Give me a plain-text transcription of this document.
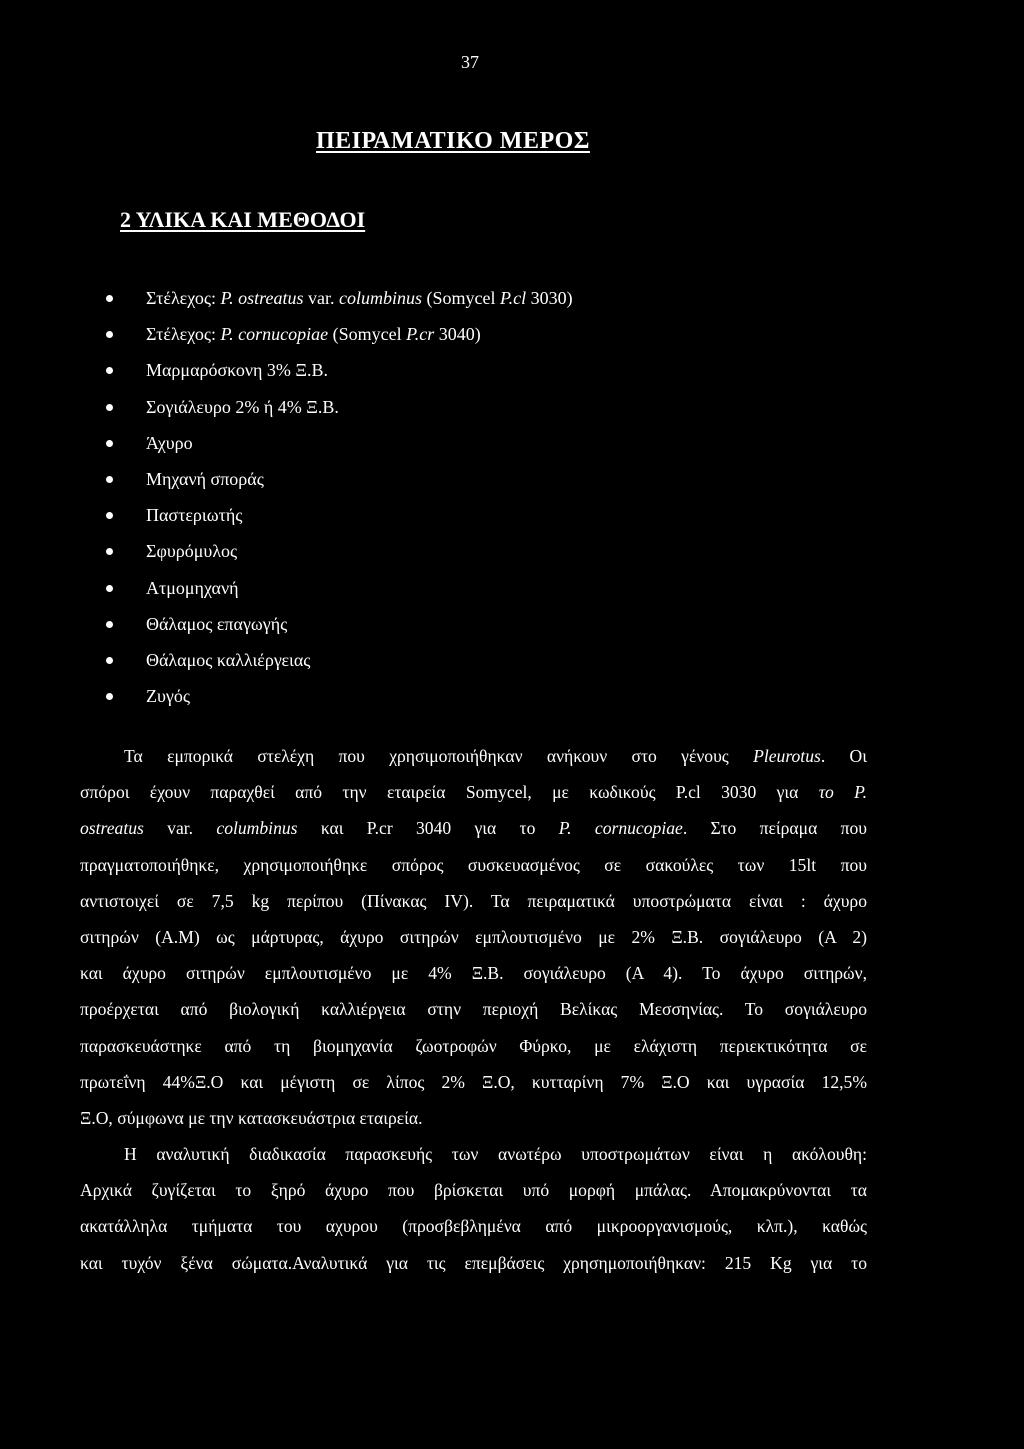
37
ΠΕΙΡΑΜΑΤΙΚΟ ΜΕΡΟΣ
2 ΥΛΙΚΑ ΚΑΙ ΜΕΘΟΔΟΙ
Στέλεχος: P. ostreatus var. columbinus (Somycel P.cl 3030)
Στέλεχος: P. cornucopiae (Somycel P.cr 3040)
Μαρμαρόσκονη 3% Ξ.Β.
Σογιάλευρο 2% ή 4% Ξ.Β.
Άχυρο
Μηχανή σποράς
Παστεριωτής
Σφυρόμυλος
Ατμομηχανή
Θάλαμος επαγωγής
Θάλαμος καλλιέργειας
Ζυγός

Τα εμπορικά στελέχη που χρησιμοποιήθηκαν ανήκουν στο γένους Pleurotus. Οι
σπόροι έχουν παραχθεί από την εταιρεία Somycel, με κωδικούς P.cl 3030 για το P.
ostreatus var. columbinus και P.cr 3040 για το P. cornucopiae. Στο πείραμα που
πραγματοποιήθηκε, χρησιμοποιήθηκε σπόρος συσκευασμένος σε σακούλες των 15lt που
αντιστοιχεί σε 7,5 kg περίπου (Πίνακας IV). Τα πειραματικά υποστρώματα είναι : άχυρο
σιτηρών (Α.Μ) ως μάρτυρας, άχυρο σιτηρών εμπλουτισμένο με 2% Ξ.Β. σογιάλευρο (Α 2)
και άχυρο σιτηρών εμπλουτισμένο με 4% Ξ.Β. σογιάλευρο (Α 4). Το άχυρο σιτηρών,
προέρχεται από βιολογική καλλιέργεια στην περιοχή Βελίκας Μεσσηνίας. Το σογιάλευρο
παρασκευάστηκε από τη βιομηχανία ζωοτροφών Φύρκο, με ελάχιστη περιεκτικότητα σε
πρωτεΐνη 44%Ξ.Ο και μέγιστη σε λίπος 2% Ξ.Ο, κυτταρίνη 7% Ξ.Ο και υγρασία 12,5%
Ξ.Ο, σύμφωνα με την κατασκευάστρια εταιρεία.

Η αναλυτική διαδικασία παρασκευής των ανωτέρω υποστρωμάτων είναι η ακόλουθη:
Αρχικά ζυγίζεται το ξηρό άχυρο που βρίσκεται υπό μορφή μπάλας. Απομακρύνονται τα
ακατάλληλα τμήματα του αχυρου (προσβεβλημένα από μικροοργανισμούς, κλπ.), καθώς
και τυχόν ξένα σώματα.Αναλυτικά για τις επεμβάσεις χρησημοποιήθηκαν: 215 Kg για το
